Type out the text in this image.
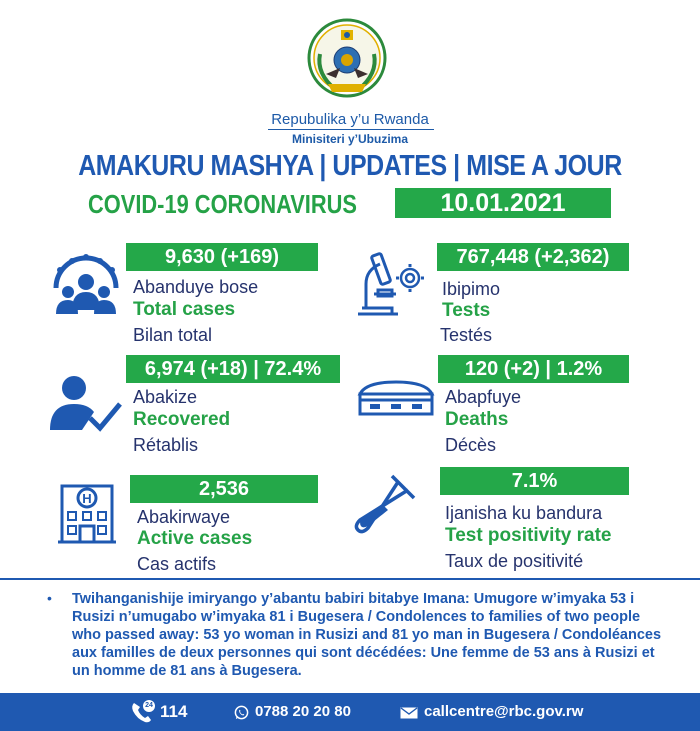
Repubulika y’u Rwanda
Minisiteri y’Ubuzima
AMAKURU MASHYA | UPDATES | MISE A JOUR
COVID-19 CORONAVIRUS	10.01.2021
9,630 (+169)
Abanduye bose
Total cases
Bilan total
767,448 (+2,362)
Ibipimo
Tests
Testés
6,974 (+18) | 72.4%
Abakize
Recovered
Rétablis
120 (+2) | 1.2%
Abapfuye
Deaths
Décès
H	2,536
Abakirwaye
Active cases
Cas actifs
7.1%
Ijanisha ku bandura
Test positivity rate
Taux de positivité
• Twihanganishije imiryango y’abantu babiri bitabye Imana: Umugore w’imyaka 53 i Rusizi n’umugabo w’imyaka 81 i Bugesera / Condolences to families of two people who passed away: 53 yo woman in Rusizi and 81 yo man in Bugesera / Condoléances aux familles de deux personnes qui sont décédées: Une femme de 53 ans à Rusizi et un homme de 81 ans à Bugesera.
24 114	0788 20 20 80	callcentre@rbc.gov.rw
